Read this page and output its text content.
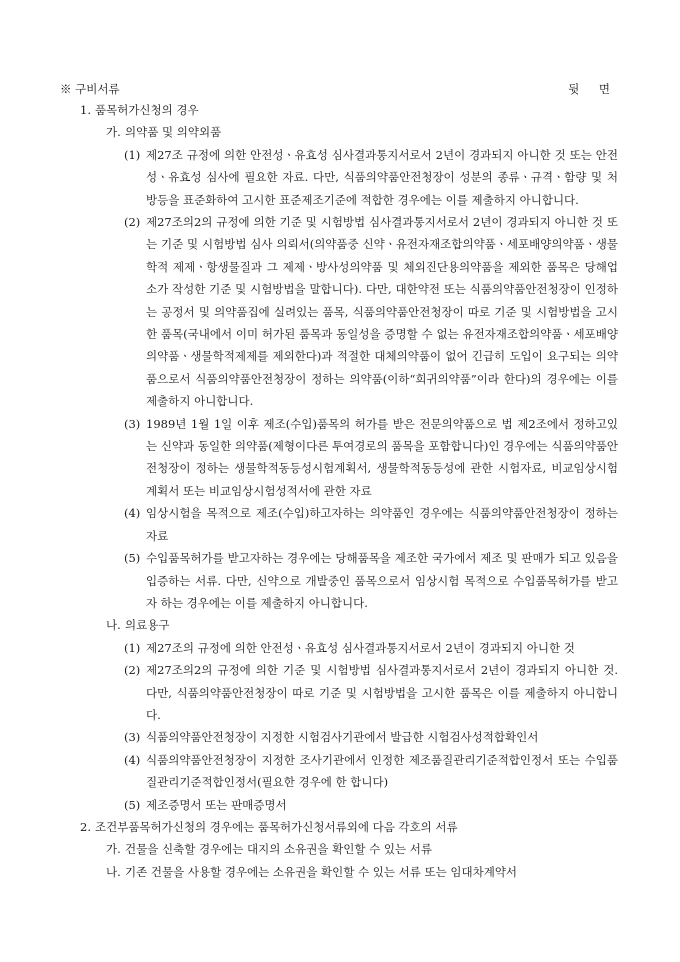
※ 구비서류	뒷 면
1. 품목허가신청의 경우
가. 의약품 및 의약외품
(1) 제27조 규정에 의한 안전성ㆍ유효성 심사결과통지서로서 2년이 경과되지 아니한 것 또는 안전성ㆍ유효성 심사에 필요한 자료. 다만, 식품의약품안전청장이 성분의 종류ㆍ규격ㆍ함량 및 처방등을 표준화하여 고시한 표준제조기준에 적합한 경우에는 이를 제출하지 아니합니다.
(2) 제27조의2의 규정에 의한 기준 및 시험방법 심사결과통지서로서 2년이 경과되지 아니한 것 또는 기준 및 시험방법 심사 의뢰서(의약품중 신약ㆍ유전자재조합의약품ㆍ세포배양의약품ㆍ생물학적 제제ㆍ항생물질과 그 제제ㆍ방사성의약품 및 체외진단용의약품을 제외한 품목은 당해업소가 작성한 기준 및 시험방법을 말합니다). 다만, 대한약전 또는 식품의약품안전청장이 인정하는 공정서 및 의약품집에 실려있는 품목, 식품의약품안전청장이 따로 기준 및 시험방법을 고시한 품목(국내에서 이미 허가된 품목과 동일성을 증명할 수 없는 유전자재조합의약품ㆍ세포배양의약품ㆍ생물학적제제를 제외한다)과 적절한 대체의약품이 없어 긴급히 도입이 요구되는 의약품으로서 식품의약품안전청장이 정하는 의약품(이하“희귀의약품”이라 한다)의 경우에는 이를 제출하지 아니합니다.
(3) 1989년 1월 1일 이후 제조(수입)품목의 허가를 받은 전문의약품으로 법 제2조에서 정하고있는 신약과 동일한 의약품(제형이다른 투여경로의 품목을 포함합니다)인 경우에는 식품의약품안전청장이 정하는 생물학적동등성시험계획서, 생물학적동등성에 관한 시험자료, 비교임상시험계획서 또는 비교임상시험성적서에 관한 자료
(4) 임상시험을 목적으로 제조(수입)하고자하는 의약품인 경우에는 식품의약품안전청장이 정하는 자료
(5) 수입품목허가를 받고자하는 경우에는 당해품목을 제조한 국가에서 제조 및 판매가 되고 있음을 입증하는 서류. 다만, 신약으로 개발중인 품목으로서 임상시험 목적으로 수입품목허가를 받고자 하는 경우에는 이를 제출하지 아니합니다.
나. 의료용구
(1) 제27조의 규정에 의한 안전성ㆍ유효성 심사결과통지서로서 2년이 경과되지 아니한 것
(2) 제27조의2의 규정에 의한 기준 및 시험방법 심사결과통지서로서 2년이 경과되지 아니한 것. 다만, 식품의약품안전청장이 따로 기준 및 시험방법을 고시한 품목은 이를 제출하지 아니합니다.
(3) 식품의약품안전청장이 지정한 시험검사기관에서 발급한 시험검사성적합확인서
(4) 식품의약품안전청장이 지정한 조사기관에서 인정한 제조품질관리기준적합인정서 또는 수입품질관리기준적합인정서(필요한 경우에 한 합니다)
(5) 제조증명서 또는 판매증명서
2. 조건부품목허가신청의 경우에는 품목허가신청서류외에 다음 각호의 서류
가. 건물을 신축할 경우에는 대지의 소유권을 확인할 수 있는 서류
나. 기존 건물을 사용할 경우에는 소유권을 확인할 수 있는 서류 또는 임대차계약서
